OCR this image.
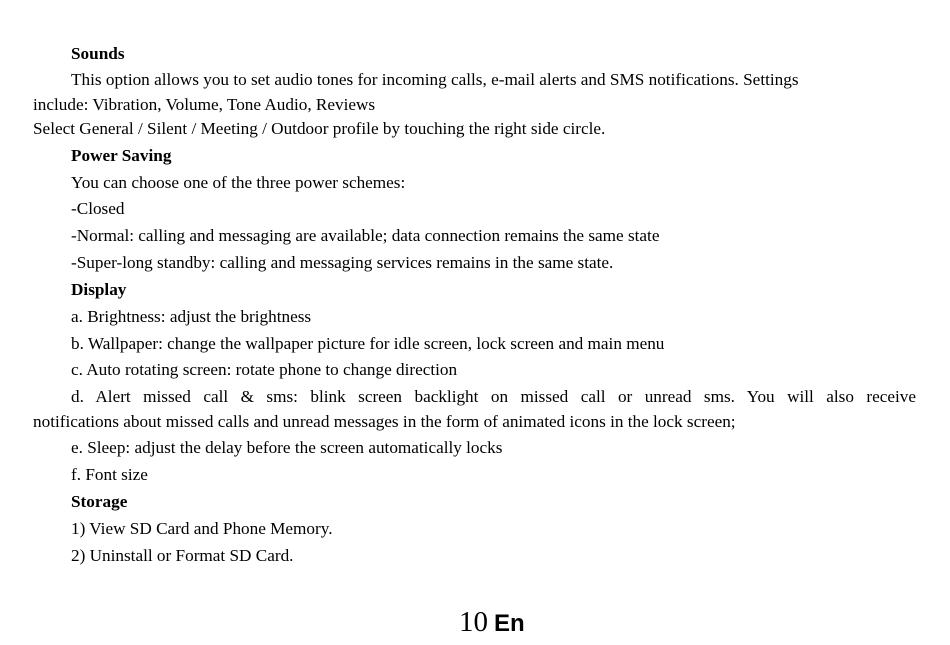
Sounds
This option allows you to set audio tones for incoming calls, e-mail alerts and SMS notifications. Settings
include: Vibration, Volume, Tone Audio, Reviews
Select General / Silent / Meeting / Outdoor profile by touching the right side circle.
Power Saving
You can choose one of the three power schemes:
-Closed
-Normal: calling and messaging are available; data connection remains the same state
-Super-long standby: calling and messaging services remains in the same state.
Display
a. Brightness: adjust the brightness
b. Wallpaper: change the wallpaper picture for idle screen, lock screen and main menu
c. Auto rotating screen: rotate phone to change direction
d. Alert missed call & sms: blink screen backlight on missed call or unread sms. You will also receive
notifications about missed calls and unread messages in the form of animated icons in the lock screen;
e. Sleep: adjust the delay before the screen automatically locks
f. Font size
Storage
1) View SD Card and Phone Memory.
2) Uninstall or Format SD Card.
10 En
